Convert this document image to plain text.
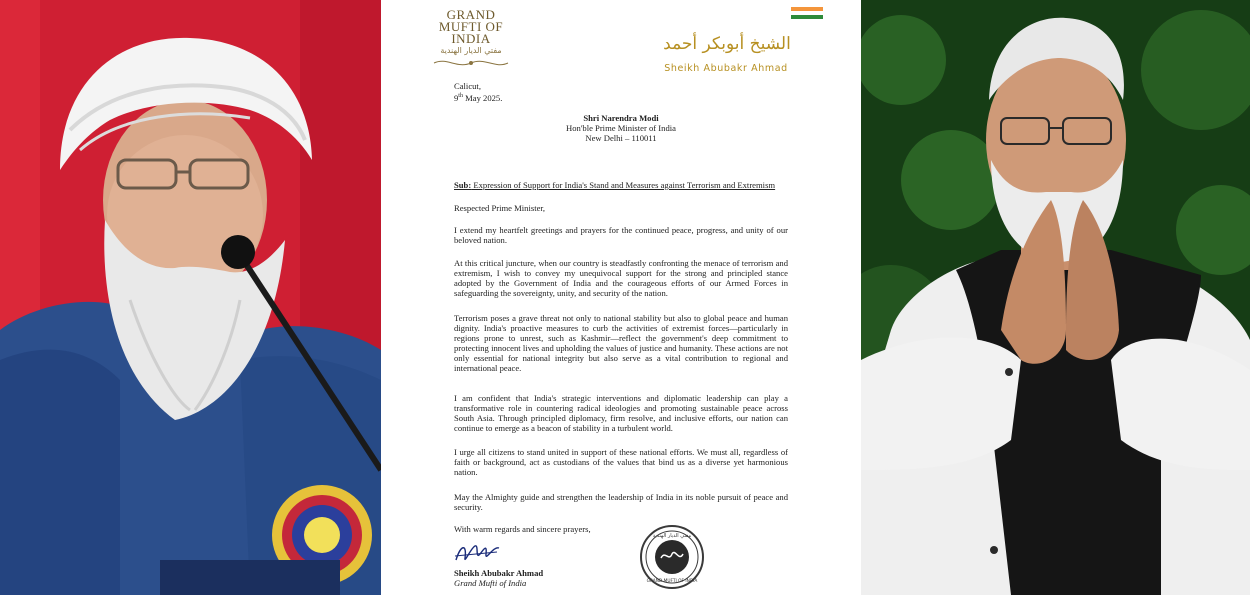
GRAND
MUFTI OF
INDIA
مفتي الديار الهندية	الشيخ أبوبكر أحمد
Sheikh Abubakr Ahmad
Calicut,
9th May 2025.
Shri Narendra Modi
Hon'ble Prime Minister of India
New Delhi – 110011
Sub: Expression of Support for India's Stand and Measures against Terrorism and Extremism
Respected Prime Minister,
I extend my heartfelt greetings and prayers for the continued peace, progress, and unity of our beloved nation.
At this critical juncture, when our country is steadfastly confronting the menace of terrorism and extremism, I wish to convey my unequivocal support for the strong and principled stance adopted by the Government of India and the courageous efforts of our Armed Forces in safeguarding the sovereignty, unity, and security of the nation.
Terrorism poses a grave threat not only to national stability but also to global peace and human dignity. India's proactive measures to curb the activities of extremist forces—particularly in regions prone to unrest, such as Kashmir—reflect the government's deep commitment to protecting innocent lives and upholding the values of justice and humanity. These actions are not only essential for national integrity but also serve as a vital contribution to regional and international peace.
I am confident that India's strategic interventions and diplomatic leadership can play a transformative role in countering radical ideologies and promoting sustainable peace across South Asia. Through principled diplomacy, firm resolve, and inclusive efforts, our nation can continue to emerge as a beacon of stability in a turbulent world.
I urge all citizens to stand united in support of these national efforts. We must all, regardless of faith or background, act as custodians of the values that bind us as a diverse yet harmonious nation.
May the Almighty guide and strengthen the leadership of India in its noble pursuit of peace and security.
With warm regards and sincere prayers,
Sheikh Abubakr Ahmad
Grand Mufti of India
مفتي الديار الهندية
GRAND MUFTI OF INDIA
